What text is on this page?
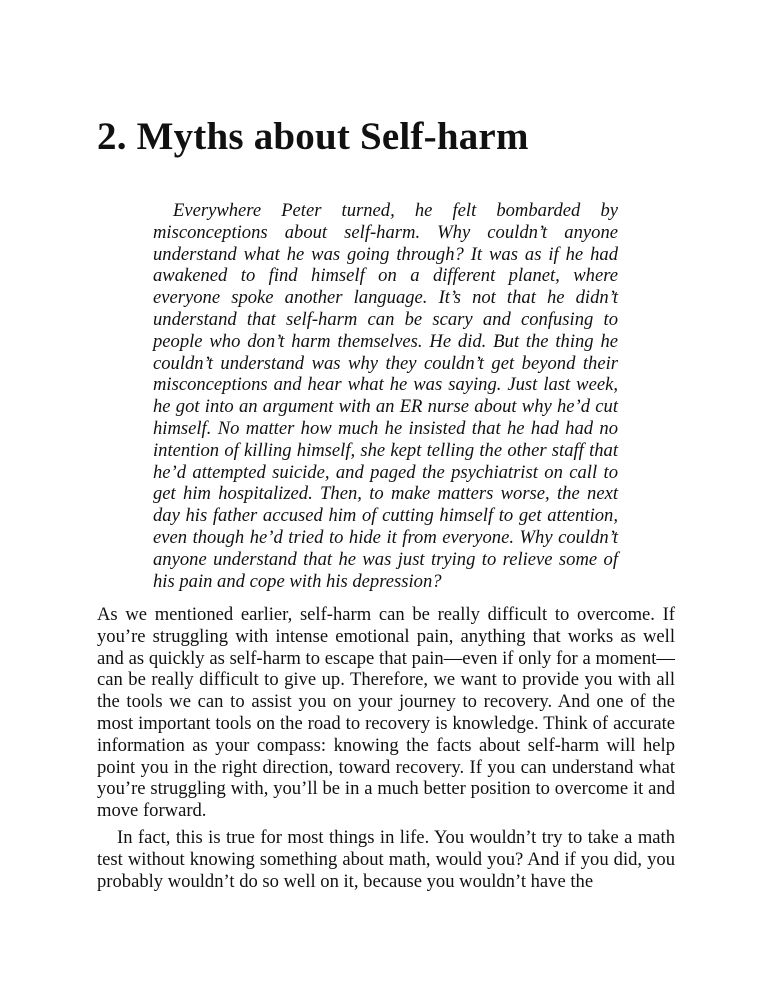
2. Myths about Self-harm

Everywhere Peter turned, he felt bombarded by misconceptions about self-harm. Why couldn’t anyone understand what he was going through? It was as if he had awakened to find himself on a different planet, where everyone spoke another language. It’s not that he didn’t understand that self-harm can be scary and confusing to people who don’t harm themselves. He did. But the thing he couldn’t understand was why they couldn’t get beyond their misconceptions and hear what he was saying. Just last week, he got into an argument with an ER nurse about why he’d cut himself. No matter how much he insisted that he had had no intention of killing himself, she kept telling the other staff that he’d attempted suicide, and paged the psychiatrist on call to get him hospitalized. Then, to make matters worse, the next day his father accused him of cutting himself to get attention, even though he’d tried to hide it from everyone. Why couldn’t anyone understand that he was just trying to relieve some of his pain and cope with his depression?

As we mentioned earlier, self-harm can be really difficult to overcome. If you’re struggling with intense emotional pain, anything that works as well and as quickly as self-harm to escape that pain—even if only for a moment—can be really difficult to give up. Therefore, we want to provide you with all the tools we can to assist you on your journey to recovery. And one of the most important tools on the road to recovery is knowledge. Think of accurate information as your compass: knowing the facts about self-harm will help point you in the right direction, toward recovery. If you can understand what you’re struggling with, you’ll be in a much better position to overcome it and move forward.

In fact, this is true for most things in life. You wouldn’t try to take a math test without knowing something about math, would you? And if you did, you probably wouldn’t do so well on it, because you wouldn’t have the
